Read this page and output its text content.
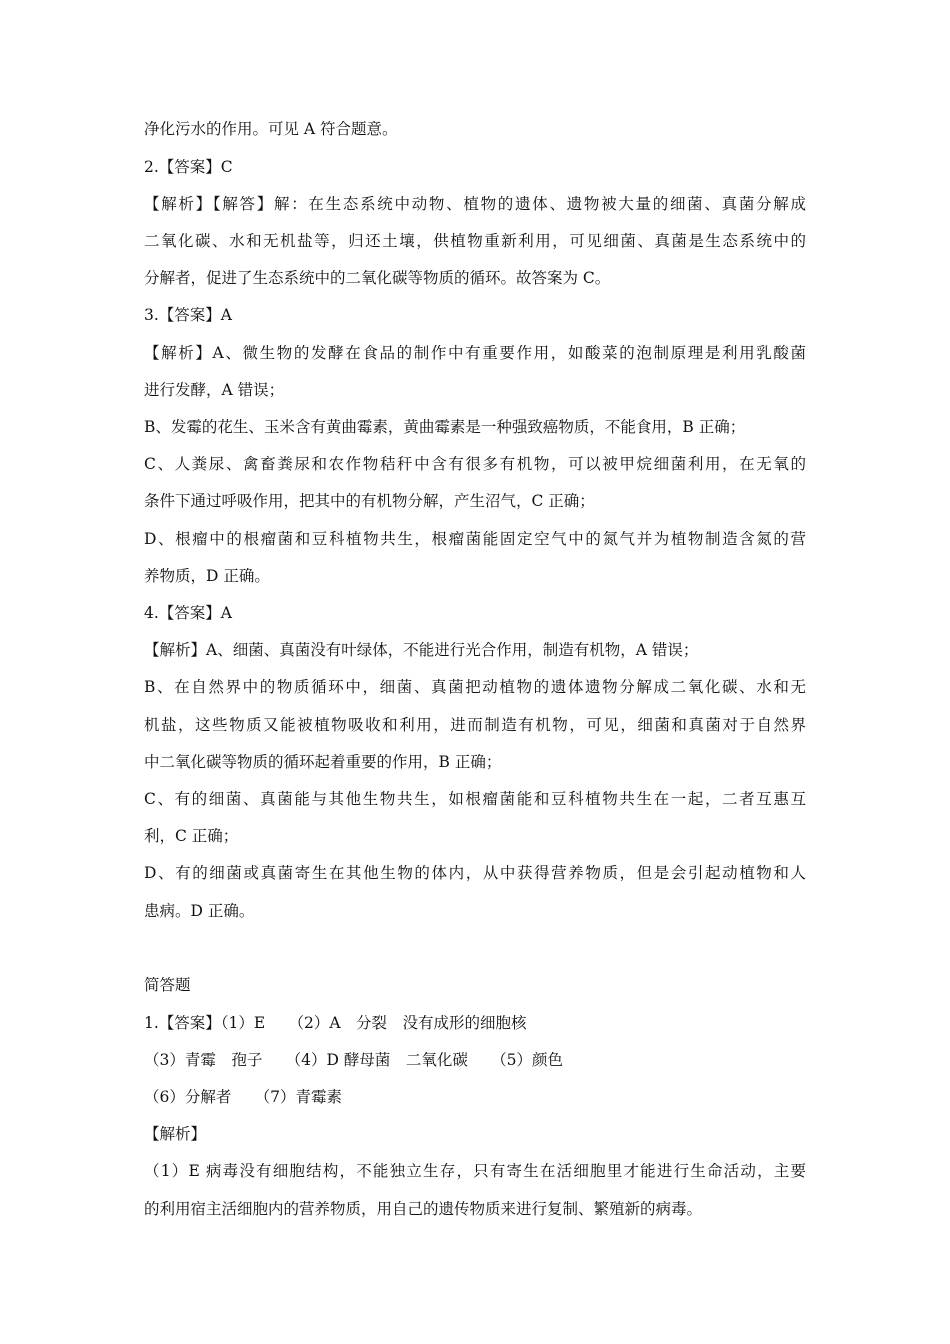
净化污水的作用。可见 A 符合题意。
2.【答案】C
【解析】【解答】解：在生态系统中动物、植物的遗体、遗物被大量的细菌、真菌分解成
二氧化碳、水和无机盐等，归还土壤，供植物重新利用，可见细菌、真菌是生态系统中的
分解者，促进了生态系统中的二氧化碳等物质的循环。故答案为 C。
3.【答案】A
【解析】A、微生物的发酵在食品的制作中有重要作用，如酸菜的泡制原理是利用乳酸菌
进行发酵，A 错误；
B、发霉的花生、玉米含有黄曲霉素，黄曲霉素是一种强致癌物质，不能食用，B 正确；
C、人粪尿、禽畜粪尿和农作物秸秆中含有很多有机物，可以被甲烷细菌利用，在无氧的
条件下通过呼吸作用，把其中的有机物分解，产生沼气，C 正确；
D、根瘤中的根瘤菌和豆科植物共生，根瘤菌能固定空气中的氮气并为植物制造含氮的营
养物质，D 正确。
4.【答案】A
【解析】A、细菌、真菌没有叶绿体，不能进行光合作用，制造有机物，A 错误；
B、在自然界中的物质循环中，细菌、真菌把动植物的遗体遗物分解成二氧化碳、水和无
机盐，这些物质又能被植物吸收和利用，进而制造有机物，可见，细菌和真菌对于自然界
中二氧化碳等物质的循环起着重要的作用，B 正确；
C、有的细菌、真菌能与其他生物共生，如根瘤菌能和豆科植物共生在一起，二者互惠互
利，C 正确；
D、有的细菌或真菌寄生在其他生物的体内，从中获得营养物质，但是会引起动植物和人
患病。D 正确。
简答题
1.【答案】（1）E　　（2）A　分裂　没有成形的细胞核
（3）青霉　孢子　　（4）D 酵母菌　二氧化碳　　（5）颜色
（6）分解者　　（7）青霉素
【解析】
（1）E 病毒没有细胞结构，不能独立生存，只有寄生在活细胞里才能进行生命活动，主要
的利用宿主活细胞内的营养物质，用自己的遗传物质来进行复制、繁殖新的病毒。
